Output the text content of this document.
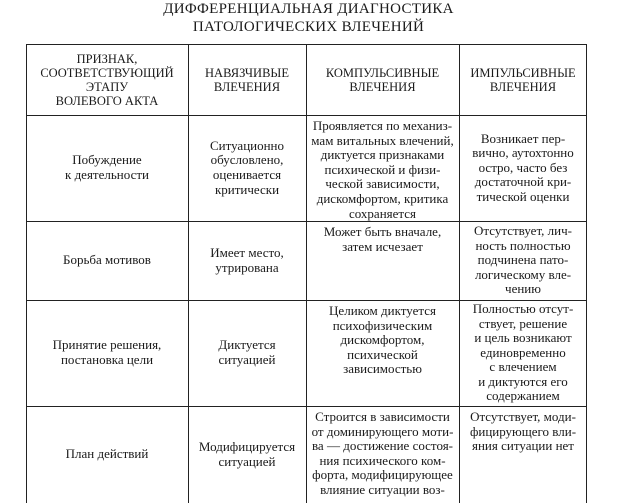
ДИФФЕРЕНЦИАЛЬНАЯ ДИАГНОСТИКА
ПАТОЛОГИЧЕСКИХ ВЛЕЧЕНИЙ
ПРИЗНАК,
СООТВЕТСТВУЮЩИЙ
ЭТАПУ
ВОЛЕВОГО АКТА
НАВЯЗЧИВЫЕ
ВЛЕЧЕНИЯ
КОМПУЛЬСИВНЫЕ
ВЛЕЧЕНИЯ
ИМПУЛЬСИВНЫЕ
ВЛЕЧЕНИЯ
Побуждение
к деятельности
Ситуационно
обусловлено,
оценивается
критически
Проявляется по механиз-
мам витальных влечений,
диктуется признаками
психической и физи-
ческой зависимости,
дискомфортом, критика
сохраняется
Возникает пер-
вично, аутохтонно
остро, часто без
достаточной кри-
тической оценки
Борьба мотивов	Имеет место,
утрирована
Может быть вначале,
затем исчезает
Отсутствует, лич-
ность полностью
подчинена пато-
логическому вле-
чению
Принятие решения,
постановка цели
Диктуется
ситуацией
Целиком диктуется
психофизическим
дискомфортом,
психической
зависимостью
Полностью отсут-
ствует, решение
и цель возникают
единовременно
с влечением
и диктуются его
содержанием
План действий	Модифицируется
ситуацией
Строится в зависимости
от доминирующего моти-
ва — достижение состоя-
ния психического ком-
форта, модифицирующее
влияние ситуации воз-
Отсутствует, моди-
фицирующего вли-
яния ситуации нет
